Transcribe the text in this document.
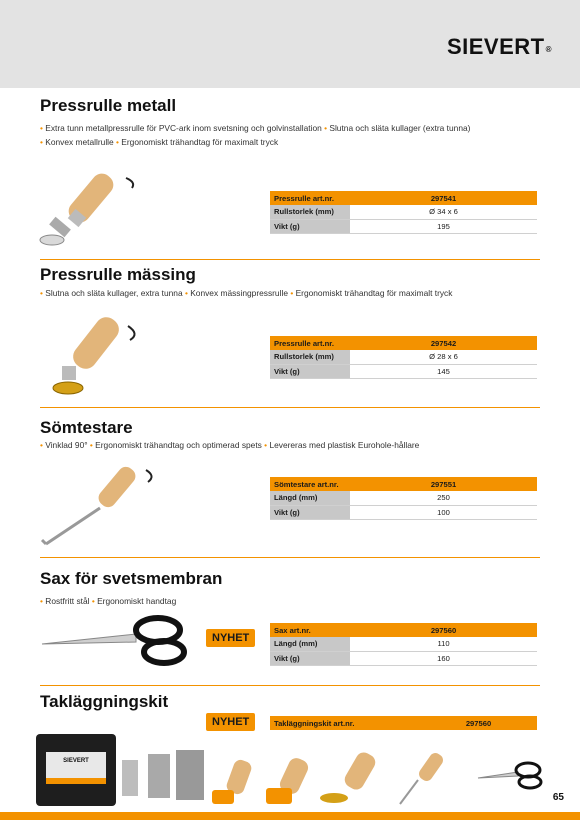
SIEVERT®
Pressrulle metall
• Extra tunn metallpressrulle för PVC-ark inom svetsning och golvinstallation • Slutna och släta kullager (extra tunna)
• Konvex metallrulle • Ergonomiskt trähandtag för maximalt tryck
Pressrulle art.nr.	297541
Rullstorlek (mm)	Ø 34 x 6
Vikt (g)	195
Pressrulle mässing
• Slutna och släta kullager, extra tunna • Konvex mässingpressrulle • Ergonomiskt trähandtag för maximalt tryck
Pressrulle art.nr.	297542
Rullstorlek (mm)	Ø 28 x 6
Vikt (g)	145
Sömtestare
• Vinklad 90° • Ergonomiskt trähandtag och optimerad spets • Levereras med plastisk Eurohole-hållare
Sömtestare art.nr.	297551
Längd (mm)	250
Vikt (g)	100
Sax för svetsmembran
• Rostfritt stål • Ergonomiskt handtag
NYHET
Sax art.nr.	297560
Längd (mm)	110
Vikt (g)	160
Takläggningskit
NYHET	Takläggningskit art.nr.	297560
SIEVERT
65
